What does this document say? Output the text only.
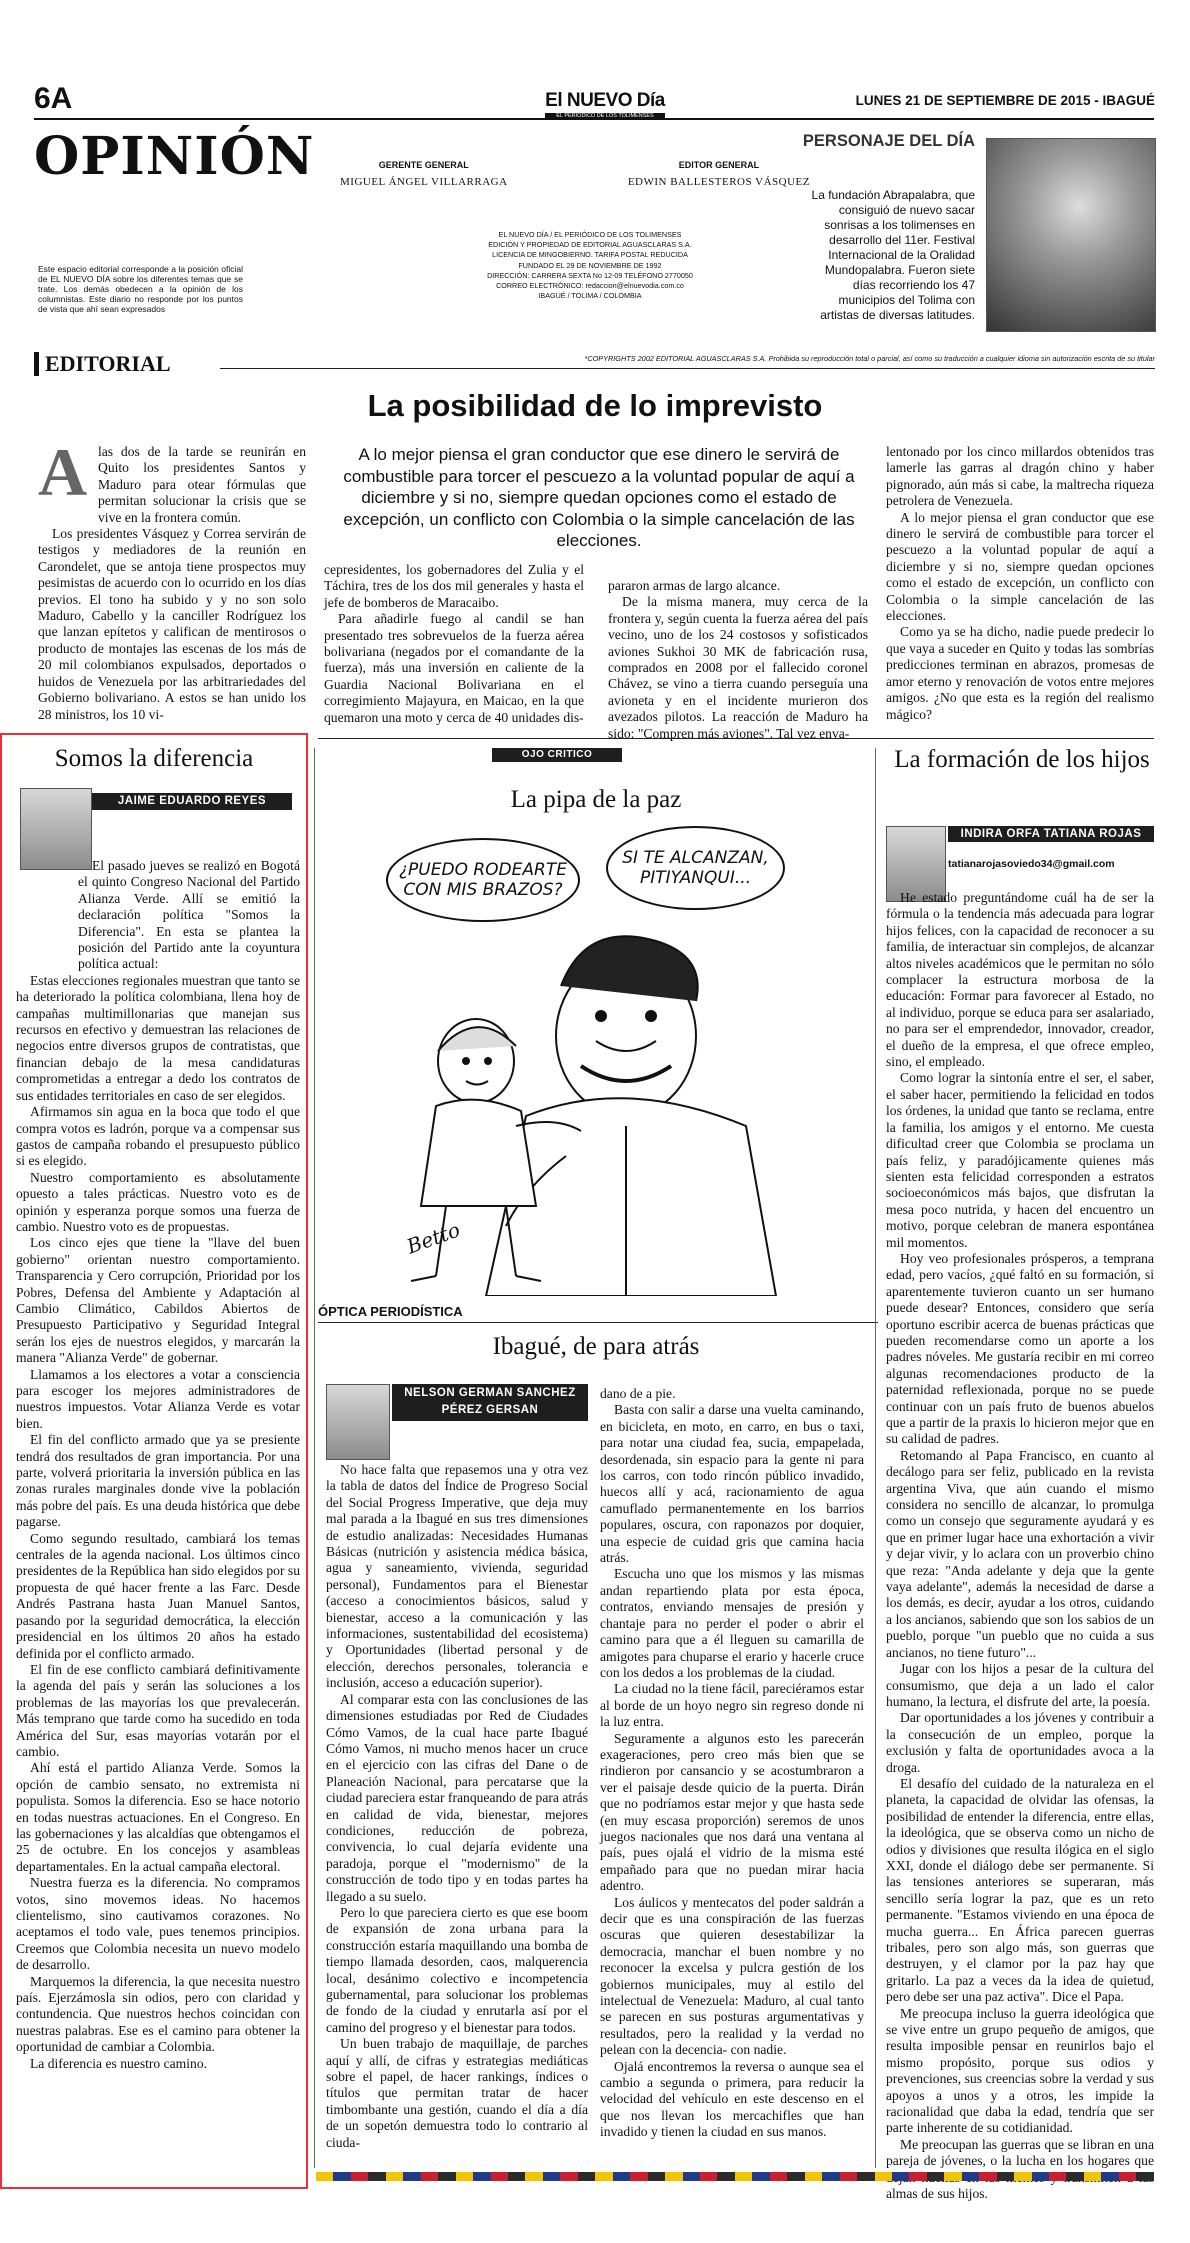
6A	El NUEVO Día
EL PERIÓDICO DE LOS TOLIMENSES
LUNES 21 DE SEPTIEMBRE DE 2015 - IBAGUÉ
OPINIÓN
Este espacio editorial corresponde a la posición oficial de EL NUEVO DÍA sobre los diferentes temas que se trate. Los demás obedecen a la opinión de los columnistas. Este diario no responde por los puntos de vista que ahí sean expresados
GERENTE GENERAL
MIGUEL ÁNGEL VILLARRAGA
EDITOR GENERAL
EDWIN BALLESTEROS VÁSQUEZ
EL NUEVO DÍA / EL PERIÓDICO DE LOS TOLIMENSES
EDICIÓN Y PROPIEDAD DE EDITORIAL AGUASCLARAS S.A.
LICENCIA DE MINGOBIERNO. TARIFA POSTAL REDUCIDA
FUNDADO EL 29 DE NOVIEMBRE DE 1992
DIRECCIÓN: CARRERA SEXTA No 12-09 TELÉFONO 2770050
CORREO ELECTRÓNICO: redaccion@elnuevodia.com.co
IBAGUÉ / TOLIMA / COLOMBIA
PERSONAJE DEL DÍA
La fundación Abrapalabra, que consiguió de nuevo sacar sonrisas a los tolimenses en desarrollo del 11er. Festival Internacional de la Oralidad Mundopalabra. Fueron siete días recorriendo los 47 municipios del Tolima con artistas de diversas latitudes.
EDITORIAL	*COPYRIGHTS 2002 EDITORIAL AGUASCLARAS S.A. Prohibida su reproducción total o parcial, así como su traducción a cualquier idioma sin autorización escrita de su titular
La posibilidad de lo imprevisto
A lo mejor piensa el gran conductor que ese dinero le servirá de combustible para torcer el pescuezo a la voluntad popular de aquí a diciembre y si no, siempre quedan opciones como el estado de excepción, un conflicto con Colombia o la simple cancelación de las elecciones.
A las dos de la tarde se reunirán en Quito los presidentes Santos y Maduro para otear fórmulas que permitan solucionar la crisis que se vive en la frontera común.

Los presidentes Vásquez y Correa servirán de testigos y mediadores de la reunión en Carondelet, que se antoja tiene prospectos muy pesimistas de acuerdo con lo ocurrido en los días previos. El tono ha subido y y no son solo Maduro, Cabello y la canciller Rodríguez los que lanzan epítetos y califican de mentirosos o producto de montajes las escenas de los más de 20 mil colombianos expulsados, deportados o huidos de Venezuela por las arbitrariedades del Gobierno bolivariano. A estos se han unido los 28 ministros, los 10 vi-

cepresidentes, los gobernadores del Zulia y el Táchira, tres de los dos mil generales y hasta el jefe de bomberos de Maracaibo.

Para añadirle fuego al candil se han presentado tres sobrevuelos de la fuerza aérea bolivariana (negados por el comandante de la fuerza), más una inversión en caliente de la Guardia Nacional Bolivariana en el corregimiento Majayura, en Maicao, en la que quemaron una moto y cerca de 40 unidades dis-

pararon armas de largo alcance.

De la misma manera, muy cerca de la frontera y, según cuenta la fuerza aérea del país vecino, uno de los 24 costosos y sofisticados aviones Sukhoi 30 MK de fabricación rusa, comprados en 2008 por el fallecido coronel Chávez, se vino a tierra cuando perseguía una avioneta y en el incidente murieron dos avezados pilotos. La reacción de Maduro ha sido: "Compren más aviones". Tal vez enva-

lentonado por los cinco millardos obtenidos tras lamerle las garras al dragón chino y haber pignorado, aún más si cabe, la maltrecha riqueza petrolera de Venezuela.

A lo mejor piensa el gran conductor que ese dinero le servirá de combustible para torcer el pescuezo a la voluntad popular de aquí a diciembre y si no, siempre quedan opciones como el estado de excepción, un conflicto con Colombia o la simple cancelación de las elecciones.

Como ya se ha dicho, nadie puede predecir lo que vaya a suceder en Quito y todas las sombrías predicciones terminan en abrazos, promesas de amor eterno y renovación de votos entre mejores amigos. ¿No que esta es la región del realismo mágico?

Somos la diferencia
JAIME EDUARDO REYES

El pasado jueves se realizó en Bogotá el quinto Congreso Nacional del Partido Alianza Verde. Allí se emitió la declaración política "Somos la Diferencia". En esta se plantea la posición del Partido ante la coyuntura política actual:

Estas elecciones regionales muestran que tanto se ha deteriorado la política colombiana, llena hoy de campañas multimillonarias que manejan sus recursos en efectivo y demuestran las relaciones de negocios entre diversos grupos de contratistas, que financian debajo de la mesa candidaturas comprometidas a entregar a dedo los contratos de sus entidades territoriales en caso de ser elegidos.

Afirmamos sin agua en la boca que todo el que compra votos es ladrón, porque va a compensar sus gastos de campaña robando el presupuesto público si es elegido.

Nuestro comportamiento es absolutamente opuesto a tales prácticas. Nuestro voto es de opinión y esperanza porque somos una fuerza de cambio. Nuestro voto es de propuestas.

Los cinco ejes que tiene la "llave del buen gobierno" orientan nuestro comportamiento. Transparencia y Cero corrupción, Prioridad por los Pobres, Defensa del Ambiente y Adaptación al Cambio Climático, Cabildos Abiertos de Presupuesto Participativo y Seguridad Integral serán los ejes de nuestros elegidos, y marcarán la manera "Alianza Verde" de gobernar.

Llamamos a los electores a votar a consciencia para escoger los mejores administradores de nuestros impuestos. Votar Alianza Verde es votar bien.

El fin del conflicto armado que ya se presiente tendrá dos resultados de gran importancia. Por una parte, volverá prioritaria la inversión pública en las zonas rurales marginales donde vive la población más pobre del país. Es una deuda histórica que debe pagarse.

Como segundo resultado, cambiará los temas centrales de la agenda nacional. Los últimos cinco presidentes de la República han sido elegidos por su propuesta de qué hacer frente a las Farc. Desde Andrés Pastrana hasta Juan Manuel Santos, pasando por la seguridad democrática, la elección presidencial en los últimos 20 años ha estado definida por el conflicto armado.

El fin de ese conflicto cambiará definitivamente la agenda del país y serán las soluciones a los problemas de las mayorías los que prevalecerán. Más temprano que tarde como ha sucedido en toda América del Sur, esas mayorías votarán por el cambio.

Ahí está el partido Alianza Verde. Somos la opción de cambio sensato, no extremista ni populista. Somos la diferencia. Eso se hace notorio en todas nuestras actuaciones. En el Congreso. En las gobernaciones y las alcaldías que obtengamos el 25 de octubre. En los concejos y asambleas departamentales. En la actual campaña electoral.

Nuestra fuerza es la diferencia. No compramos votos, sino movemos ideas. No hacemos clientelismo, sino cautivamos corazones. No aceptamos el todo vale, pues tenemos principios. Creemos que Colombia necesita un nuevo modelo de desarrollo.

Marquemos la diferencia, la que necesita nuestro país. Ejerzámosla sin odios, pero con claridad y contundencia. Que nuestros hechos coincidan con nuestras palabras. Ese es el camino para obtener la oportunidad de cambiar a Colombia.

La diferencia es nuestro camino.

OJO CRITICO
La pipa de la paz
¿PUEDO RODEARTE CON MIS BRAZOS?
SI TE ALCANZAN, PITIYANQUI...
Betto
ÓPTICA PERIODÍSTICA
Ibagué, de para atrás
NELSON GERMAN SANCHEZ PÉREZ GERSAN

No hace falta que repasemos una y otra vez la tabla de datos del Índice de Progreso Social del Social Progress Imperative, que deja muy mal parada a la Ibagué en sus tres dimensiones de estudio analizadas: Necesidades Humanas Básicas (nutrición y asistencia médica básica, agua y saneamiento, vivienda, seguridad personal), Fundamentos para el Bienestar (acceso a conocimientos básicos, salud y bienestar, acceso a la comunicación y las informaciones, sustentabilidad del ecosistema) y Oportunidades (libertad personal y de elección, derechos personales, tolerancia e inclusión, acceso a educación superior).

Al comparar esta con las conclusiones de las dimensiones estudiadas por Red de Ciudades Cómo Vamos, de la cual hace parte Ibagué Cómo Vamos, ni mucho menos hacer un cruce en el ejercicio con las cifras del Dane o de Planeación Nacional, para percatarse que la ciudad pareciera estar franqueando de para atrás en calidad de vida, bienestar, mejores condiciones, reducción de pobreza, convivencia, lo cual dejaría evidente una paradoja, porque el "modernismo" de la construcción de todo tipo y en todas partes ha llegado a su suelo.

Pero lo que pareciera cierto es que ese boom de expansión de zona urbana para la construcción estaría maquillando una bomba de tiempo llamada desorden, caos, malquerencia local, desánimo colectivo e incompetencia gubernamental, para solucionar los problemas de fondo de la ciudad y enrutarla así por el camino del progreso y el bienestar para todos.

Un buen trabajo de maquillaje, de parches aquí y allí, de cifras y estrategias mediáticas sobre el papel, de hacer rankings, índices o títulos que permitan tratar de hacer timbombante una gestión, cuando el día a día de un sopetón demuestra todo lo contrario al ciuda-

dano de a pie.

Basta con salir a darse una vuelta caminando, en bicicleta, en moto, en carro, en bus o taxi, para notar una ciudad fea, sucia, empapelada, desordenada, sin espacio para la gente ni para los carros, con todo rincón público invadido, huecos allí y acá, racionamiento de agua camuflado permanentemente en los barrios populares, oscura, con raponazos por doquier, una especie de cuidad gris que camina hacia atrás.

Escucha uno que los mismos y las mismas andan repartiendo plata por esta época, contratos, enviando mensajes de presión y chantaje para no perder el poder o abrir el camino para que a él lleguen su camarilla de amigotes para chuparse el erario y hacerle cruce con los dedos a los problemas de la ciudad.

La ciudad no la tiene fácil, pareciéramos estar al borde de un hoyo negro sin regreso donde ni la luz entra.

Seguramente a algunos esto les parecerán exageraciones, pero creo más bien que se rindieron por cansancio y se acostumbraron a ver el paisaje desde quicio de la puerta. Dirán que no podríamos estar mejor y que hasta sede (en muy escasa proporción) seremos de unos juegos nacionales que nos dará una ventana al país, pues ojalá el vidrio de la misma esté empañado para que no puedan mirar hacia adentro.

Los áulicos y mentecatos del poder saldrán a decir que es una conspiración de las fuerzas oscuras que quieren desestabilizar la democracia, manchar el buen nombre y no reconocer la excelsa y pulcra gestión de los gobiernos municipales, muy al estilo del intelectual de Venezuela: Maduro, al cual tanto se parecen en sus posturas argumentativas y resultados, pero la realidad y la verdad no pelean con la decencia- con nadie.

Ojalá encontremos la reversa o aunque sea el cambio a segunda o primera, para reducir la velocidad del vehículo en este descenso en el que nos llevan los mercachifles que han invadido y tienen la ciudad en sus manos.

La formación de los hijos
INDIRA ORFA TATIANA ROJAS
tatianarojasoviedo34@gmail.com

He estado preguntándome cuál ha de ser la fórmula o la tendencia más adecuada para lograr hijos felices, con la capacidad de reconocer a su familia, de interactuar sin complejos, de alcanzar altos niveles académicos que le permitan no sólo complacer la estructura morbosa de la educación: Formar para favorecer al Estado, no al individuo, porque se educa para ser asalariado, no para ser el emprendedor, innovador, creador, el dueño de la empresa, el que ofrece empleo, sino, el empleado.

Como lograr la sintonía entre el ser, el saber, el saber hacer, permitiendo la felicidad en todos los órdenes, la unidad que tanto se reclama, entre la familia, los amigos y el entorno. Me cuesta dificultad creer que Colombia se proclama un país feliz, y paradójicamente quienes más sienten esta felicidad corresponden a estratos socioeconómicos más bajos, que disfrutan la mesa poco nutrida, y hacen del encuentro un motivo, porque celebran de manera espontánea mil momentos.

Hoy veo profesionales prósperos, a temprana edad, pero vacíos, ¿qué faltó en su formación, si aparentemente tuvieron cuanto un ser humano puede desear? Entonces, considero que sería oportuno escribir acerca de buenas prácticas que pueden recomendarse como un aporte a los padres nóveles. Me gustaría recibir en mi correo algunas recomendaciones producto de la paternidad reflexionada, porque no se puede continuar con un país fruto de buenos abuelos que a partir de la praxis lo hicieron mejor que en su calidad de padres.

Retomando al Papa Francisco, en cuanto al decálogo para ser feliz, publicado en la revista argentina Viva, que aún cuando el mismo considera no sencillo de alcanzar, lo promulga como un consejo que seguramente ayudará y es que en primer lugar hace una exhortación a vivir y dejar vivir, y lo aclara con un proverbio chino que reza: "Anda adelante y deja que la gente vaya adelante", además la necesidad de darse a los demás, es decir, ayudar a los otros, cuidando a los ancianos, sabiendo que son los sabios de un pueblo, porque "un pueblo que no cuida a sus ancianos, no tiene futuro"...

Jugar con los hijos a pesar de la cultura del consumismo, que deja a un lado el calor humano, la lectura, el disfrute del arte, la poesía.

Dar oportunidades a los jóvenes y contribuir a la consecución de un empleo, porque la exclusión y falta de oportunidades avoca a la droga.

El desafío del cuidado de la naturaleza en el planeta, la capacidad de olvidar las ofensas, la posibilidad de entender la diferencia, entre ellas, la ideológica, que se observa como un nicho de odios y divisiones que resulta ilógica en el siglo XXI, donde el diálogo debe ser permanente. Si las tensiones anteriores se superaran, más sencillo sería lograr la paz, que es un reto permanente. "Estamos viviendo en una época de mucha guerra... En África parecen guerras tribales, pero son algo más, son guerras que destruyen, y el clamor por la paz hay que gritarlo. La paz a veces da la idea de quietud, pero debe ser una paz activa". Dice el Papa.

Me preocupa incluso la guerra ideológica que se vive entre un grupo pequeño de amigos, que resulta imposible pensar en reunirlos bajo el mismo propósito, porque sus odios y prevenciones, sus creencias sobre la verdad y sus apoyos a unos y a otros, les impide la racionalidad que daba la edad, tendría que ser parte inherente de su cotidianidad.

Me preocupan las guerras que se libran en una pareja de jóvenes, o la lucha en los hogares que almas de sus hijos.
